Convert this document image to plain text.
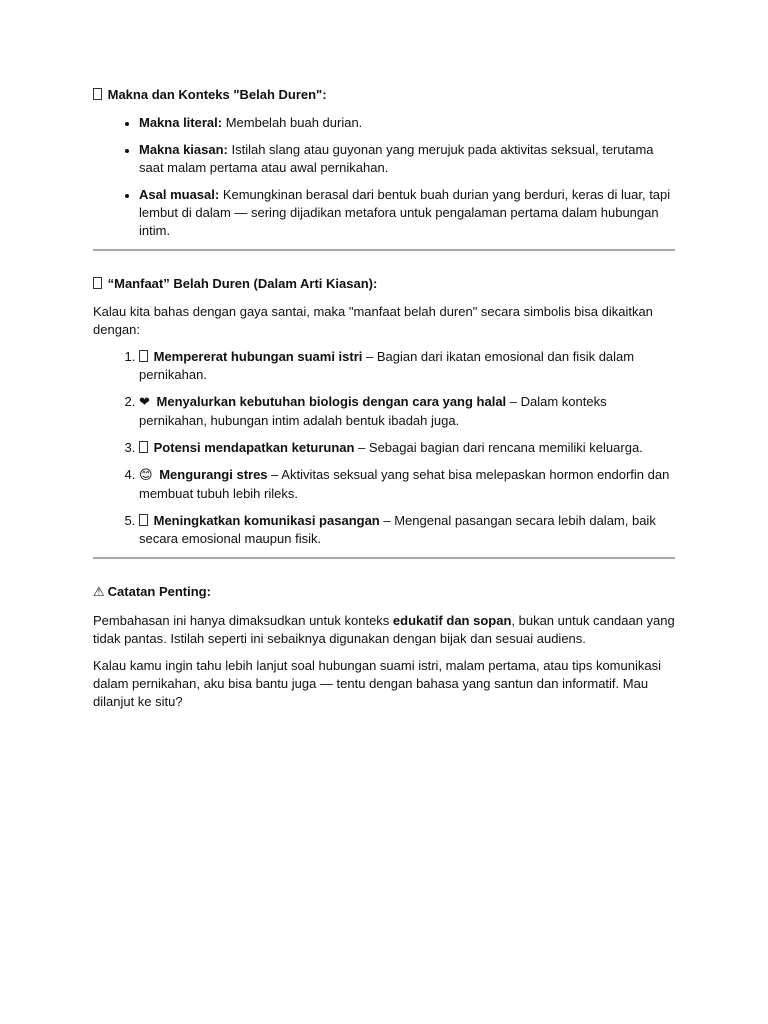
Makna dan Konteks "Belah Duren":
• Makna literal: Membelah buah durian.
• Makna kiasan: Istilah slang atau guyonan yang merujuk pada aktivitas seksual, terutama saat malam pertama atau awal pernikahan.
• Asal muasal: Kemungkinan berasal dari bentuk buah durian yang berduri, keras di luar, tapi lembut di dalam — sering dijadikan metafora untuk pengalaman pertama dalam hubungan intim.
“Manfaat” Belah Duren (Dalam Arti Kiasan):

Kalau kita bahas dengan gaya santai, maka "manfaat belah duren" secara simbolis bisa dikaitkan dengan:

1. Mempererat hubungan suami istri – Bagian dari ikatan emosional dan fisik dalam pernikahan.
2. ❤ Menyalurkan kebutuhan biologis dengan cara yang halal – Dalam konteks pernikahan, hubungan intim adalah bentuk ibadah juga.
3. Potensi mendapatkan keturunan – Sebagai bagian dari rencana memiliki keluarga.
4. 😊 Mengurangi stres – Aktivitas seksual yang sehat bisa melepaskan hormon endorfin dan membuat tubuh lebih rileks.
5. Meningkatkan komunikasi pasangan – Mengenal pasangan secara lebih dalam, baik secara emosional maupun fisik.
⚠ Catatan Penting:

Pembahasan ini hanya dimaksudkan untuk konteks edukatif dan sopan, bukan untuk candaan yang tidak pantas. Istilah seperti ini sebaiknya digunakan dengan bijak dan sesuai audiens.

Kalau kamu ingin tahu lebih lanjut soal hubungan suami istri, malam pertama, atau tips komunikasi dalam pernikahan, aku bisa bantu juga — tentu dengan bahasa yang santun dan informatif. Mau dilanjut ke situ?
